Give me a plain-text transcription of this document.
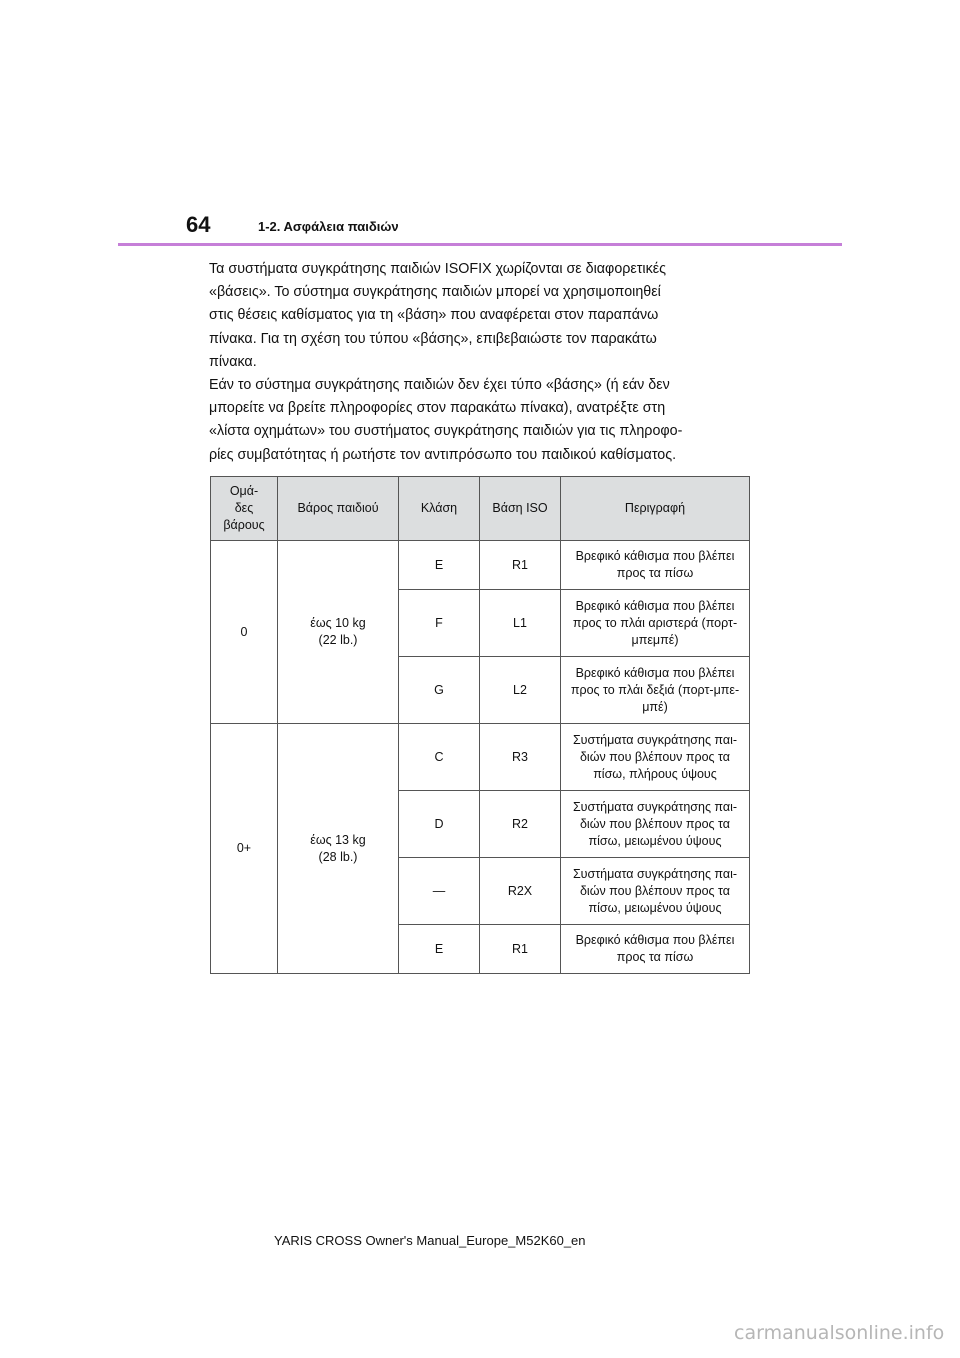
64	1-2. Ασφάλεια παιδιών
Τα συστήματα συγκράτησης παιδιών ISOFIX χωρίζονται σε διαφορετικές
«βάσεις». Το σύστημα συγκράτησης παιδιών μπορεί να χρησιμοποιηθεί
στις θέσεις καθίσματος για τη «βάση» που αναφέρεται στον παραπάνω
πίνακα. Για τη σχέση του τύπου «βάσης», επιβεβαιώστε τον παρακάτω
πίνακα.
Εάν το σύστημα συγκράτησης παιδιών δεν έχει τύπο «βάσης» (ή εάν δεν
μπορείτε να βρείτε πληροφορίες στον παρακάτω πίνακα), ανατρέξτε στη
«λίστα οχημάτων» του συστήματος συγκράτησης παιδιών για τις πληροφο-
ρίες συμβατότητας ή ρωτήστε τον αντιπρόσωπο του παιδικού καθίσματος.
Ομά-
δες
βάρους	Βάρος παιδιού	Κλάση	Βάση ISO	Περιγραφή
0	έως 10 kg
(22 lb.)	E	R1	Βρεφικό κάθισμα που βλέπει
προς τα πίσω
		F	L1	Βρεφικό κάθισμα που βλέπει
προς το πλάι αριστερά (πορτ-
μπεμπέ)
		G	L2	Βρεφικό κάθισμα που βλέπει
προς το πλάι δεξιά (πορτ-μπε-
μπέ)
0+	έως 13 kg
(28 lb.)	C	R3	Συστήματα συγκράτησης παι-
διών που βλέπουν προς τα
πίσω, πλήρους ύψους
		D	R2	Συστήματα συγκράτησης παι-
διών που βλέπουν προς τα
πίσω, μειωμένου ύψους
		—	R2X	Συστήματα συγκράτησης παι-
διών που βλέπουν προς τα
πίσω, μειωμένου ύψους
		E	R1	Βρεφικό κάθισμα που βλέπει
προς τα πίσω
YARIS CROSS Owner's Manual_Europe_M52K60_en
carmanualsonline.info
